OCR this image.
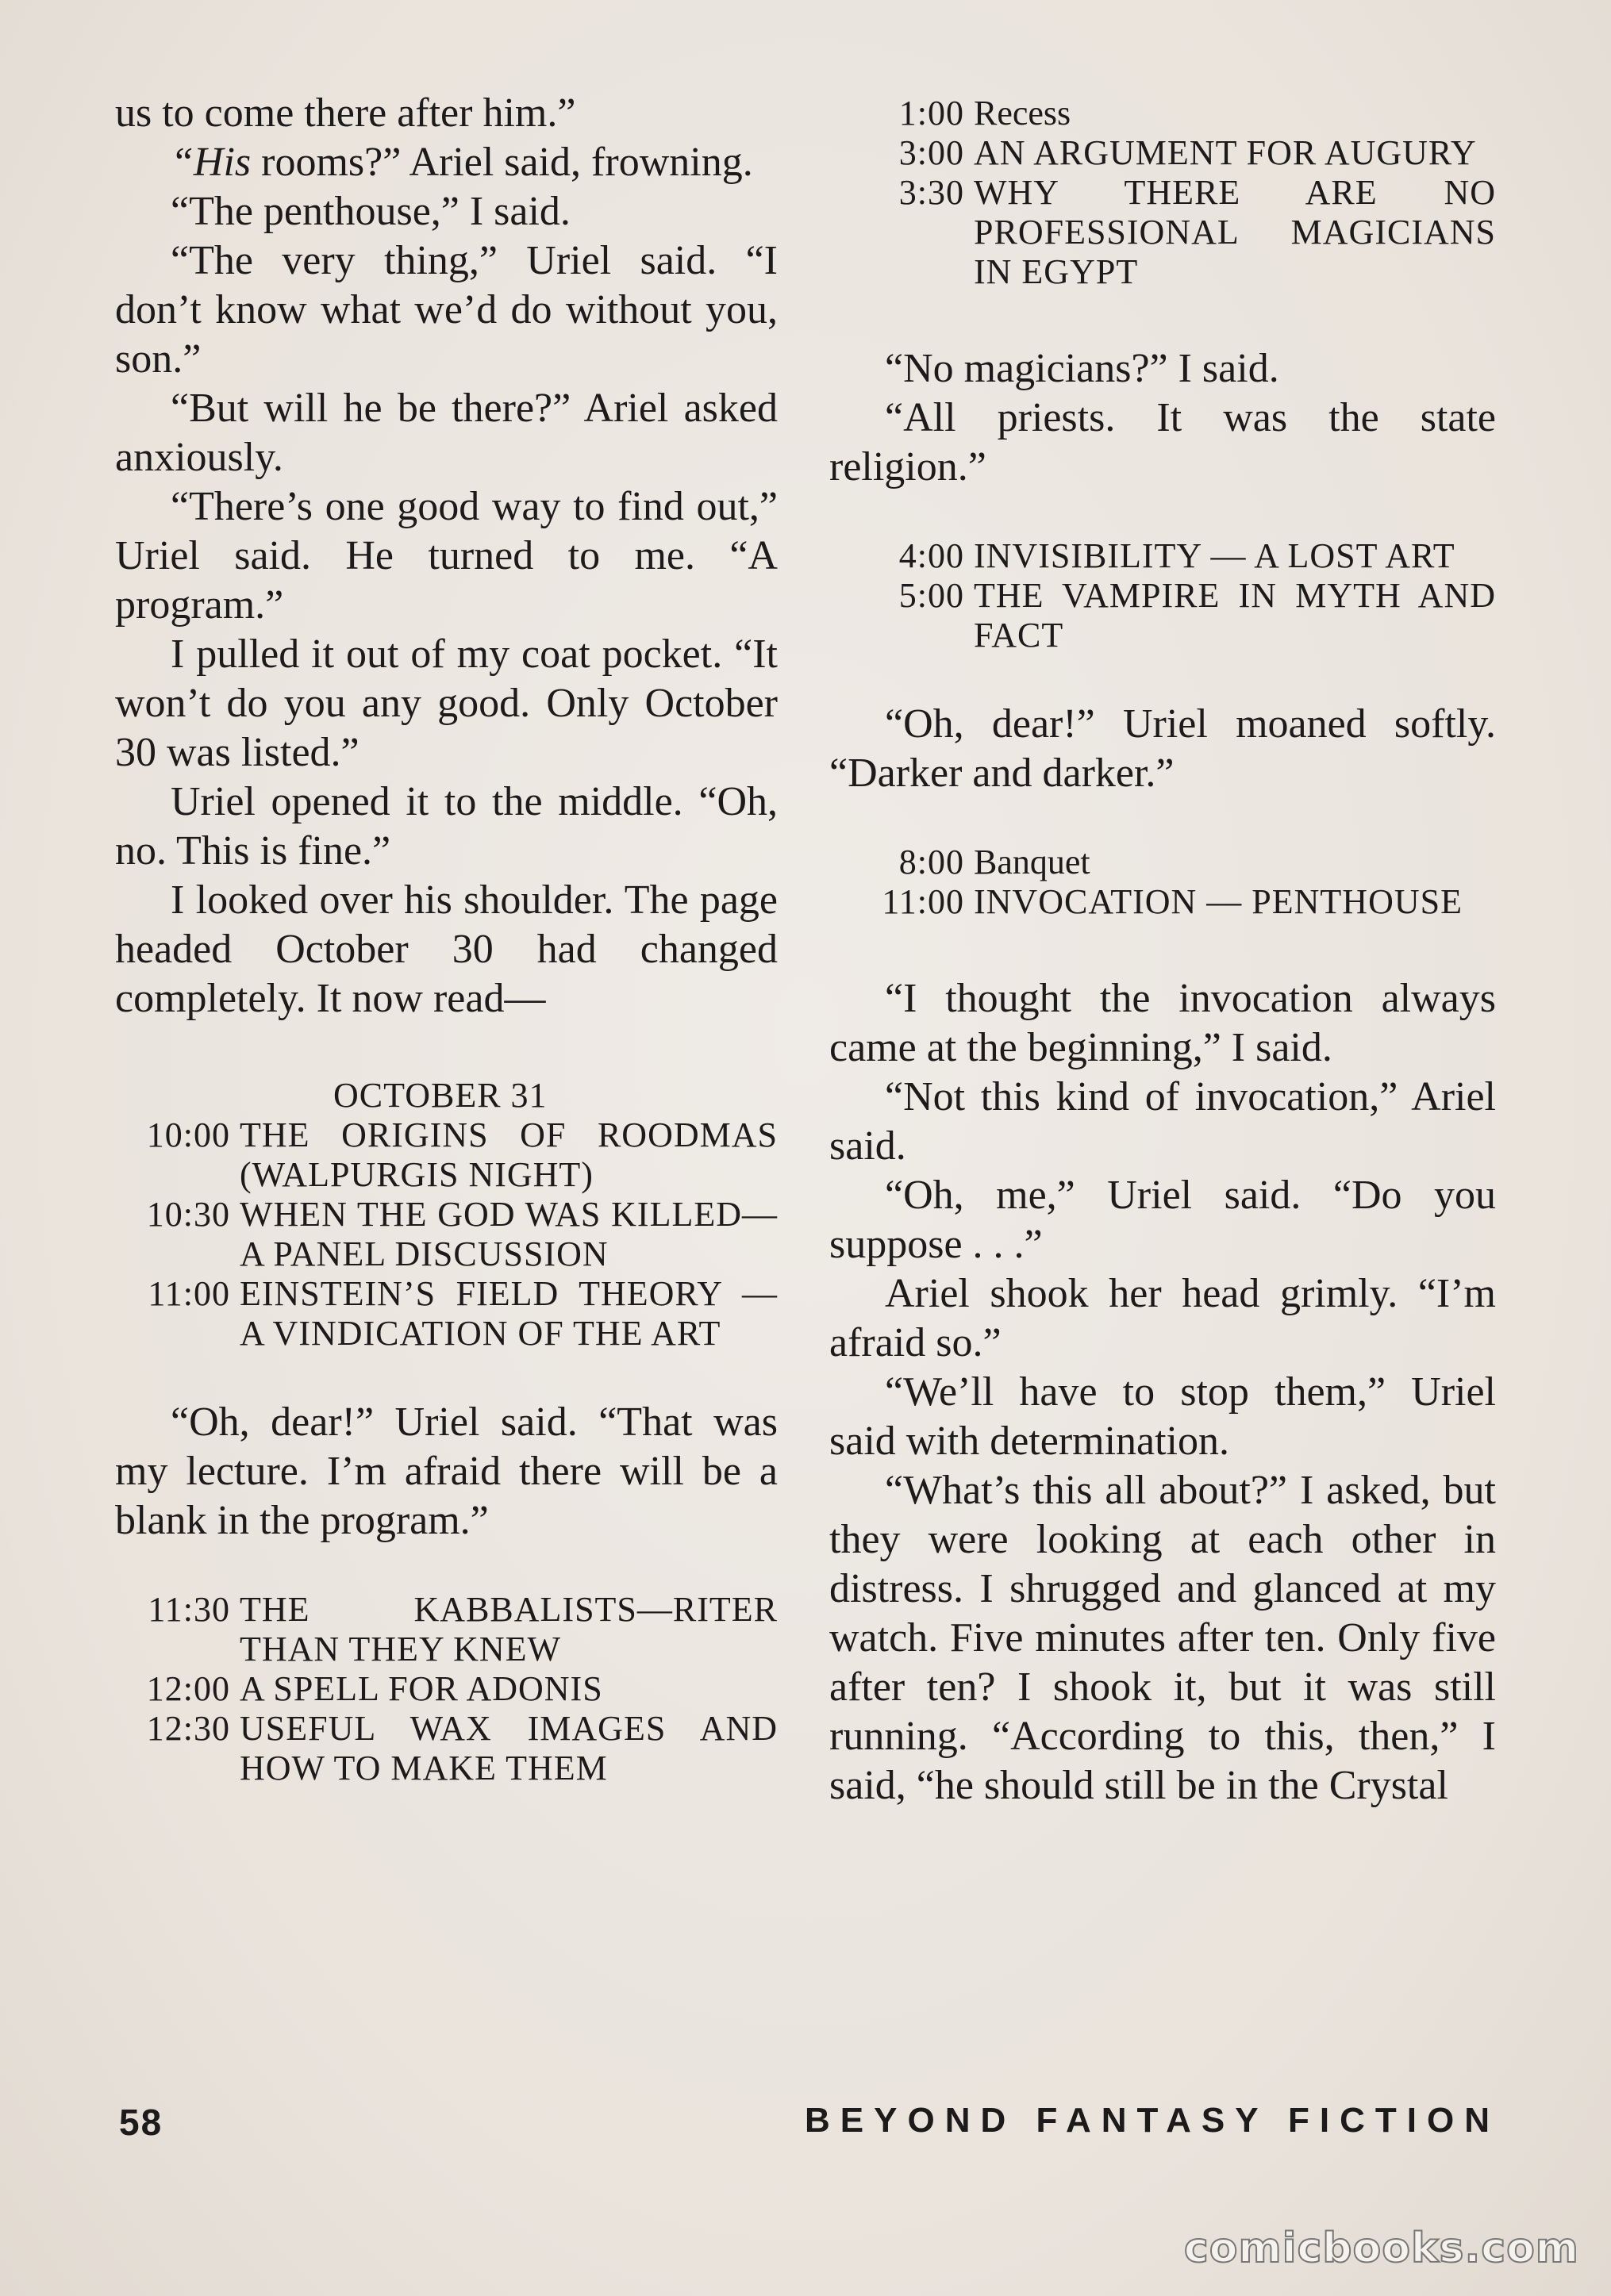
us to come there after him.”

“His rooms?” Ariel said, frowning.

“The penthouse,” I said.

“The very thing,” Uriel said. “I don’t know what we’d do without you, son.”

“But will he be there?” Ariel asked anxiously.

“There’s one good way to find out,” Uriel said. He turned to me. “A program.”

I pulled it out of my coat pocket. “It won’t do you any good. Only October 30 was listed.”

Uriel opened it to the middle. “Oh, no. This is fine.”

I looked over his shoulder. The page headed October 30 had changed completely. It now read—

OCTOBER 31
10:00 THE ORIGINS OF ROODMAS (WALPURGIS NIGHT)
10:30 WHEN THE GOD WAS KILLED—A PANEL DISCUSSION
11:00 EINSTEIN’S FIELD THEORY — A VINDICATION OF THE ART

“Oh, dear!” Uriel said. “That was my lecture. I’m afraid there will be a blank in the program.”

11:30 THE KABBALISTS—RITER THAN THEY KNEW
12:00 A SPELL FOR ADONIS
12:30 USEFUL WAX IMAGES AND HOW TO MAKE THEM
1:00 Recess
3:00 AN ARGUMENT FOR AUGURY
3:30 WHY THERE ARE NO PROFESSIONAL MAGICIANS IN EGYPT

“No magicians?” I said.

“All priests. It was the state religion.”

4:00 INVISIBILITY — A LOST ART
5:00 THE VAMPIRE IN MYTH AND FACT

“Oh, dear!” Uriel moaned softly. “Darker and darker.”

8:00 Banquet
11:00 INVOCATION — PENTHOUSE

“I thought the invocation always came at the beginning,” I said.

“Not this kind of invocation,” Ariel said.

“Oh, me,” Uriel said. “Do you suppose . . .”

Ariel shook her head grimly. “I’m afraid so.”

“We’ll have to stop them,” Uriel said with determination.

“What’s this all about?” I asked, but they were looking at each other in distress. I shrugged and glanced at my watch. Five minutes after ten. Only five after ten? I shook it, but it was still running. “According to this, then,” I said, “he should still be in the Crystal

58	BEYOND FANTASY FICTION
comicbooks.com
